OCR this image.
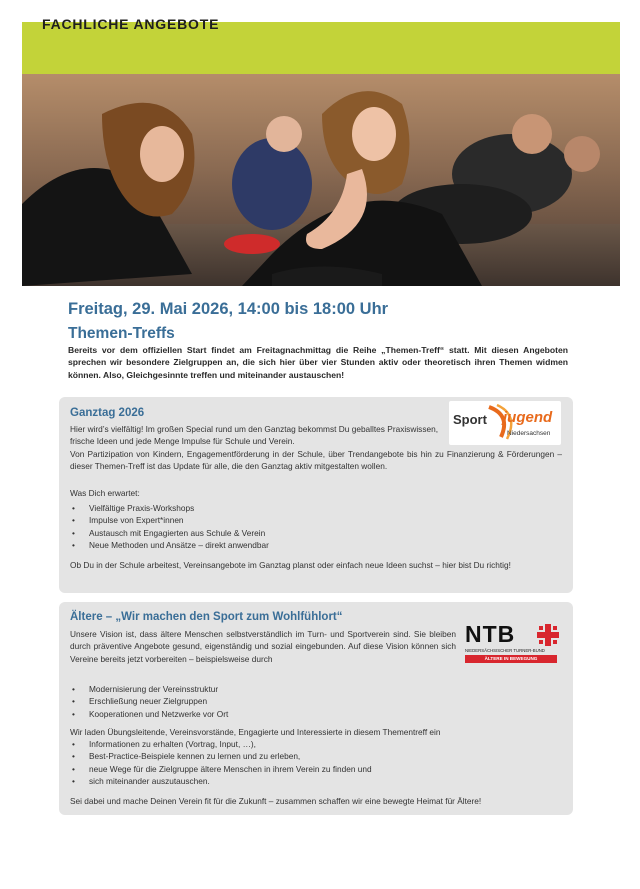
FACHLICHE ANGEBOTE
Freitag, 29. Mai 2026, 14:00 bis 18:00 Uhr
Themen-Treffs
Bereits vor dem offiziellen Start findet am Freitagnachmittag die Reihe „Themen-Treff“ statt. Mit diesen Angeboten sprechen wir besondere Zielgruppen an, die sich hier über vier Stunden aktiv oder theoretisch ihren Themen widmen können. Also, Gleichgesinnte treffen und miteinander austauschen!
Ganztag 2026
Hier wird’s vielfältig! Im großen Special rund um den Ganztag bekommst Du geballtes Praxiswissen, frische Ideen und jede Menge Impulse für Schule und Verein.
Von Partizipation von Kindern, Engagementförderung in der Schule, über Trendangebote bis hin zu Finanzierung & Förderungen – dieser Themen-Treff ist das Update für alle, die den Ganztag aktiv mitgestalten wollen.
Was Dich erwartet:
• Vielfältige Praxis-Workshops
• Impulse von Expert*innen
• Austausch mit Engagierten aus Schule & Verein
• Neue Methoden und Ansätze – direkt anwendbar
Ob Du in der Schule arbeitest, Vereinsangebote im Ganztag planst oder einfach neue Ideen suchst – hier bist Du richtig!
Sport jugend
Niedersachsen
Ältere – „Wir machen den Sport zum Wohlfühlort“
Unsere Vision ist, dass ältere Menschen selbstverständlich im Turn- und Sportverein sind. Sie bleiben durch präventive Angebote gesund, eigenständig und sozial eingebunden. Auf diese Vision können sich Vereine bereits jetzt vorbereiten – beispielsweise durch
• Modernisierung der Vereinsstruktur
• Erschließung neuer Zielgruppen
• Kooperationen und Netzwerke vor Ort
Wir laden Übungsleitende, Vereinsvorstände, Engagierte und Interessierte in diesem Thementreff ein
• Informationen zu erhalten (Vortrag, Input, …),
• Best-Practice-Beispiele kennen zu lernen und zu erleben,
• neue Wege für die Zielgruppe ältere Menschen in ihrem Verein zu finden und
• sich miteinander auszutauschen.
Sei dabei und mache Deinen Verein fit für die Zukunft – zusammen schaffen wir eine bewegte Heimat für Ältere!
NTB
NIEDERSÄCHSISCHER TURNER-BUND
ÄLTERE IN BEWEGUNG
